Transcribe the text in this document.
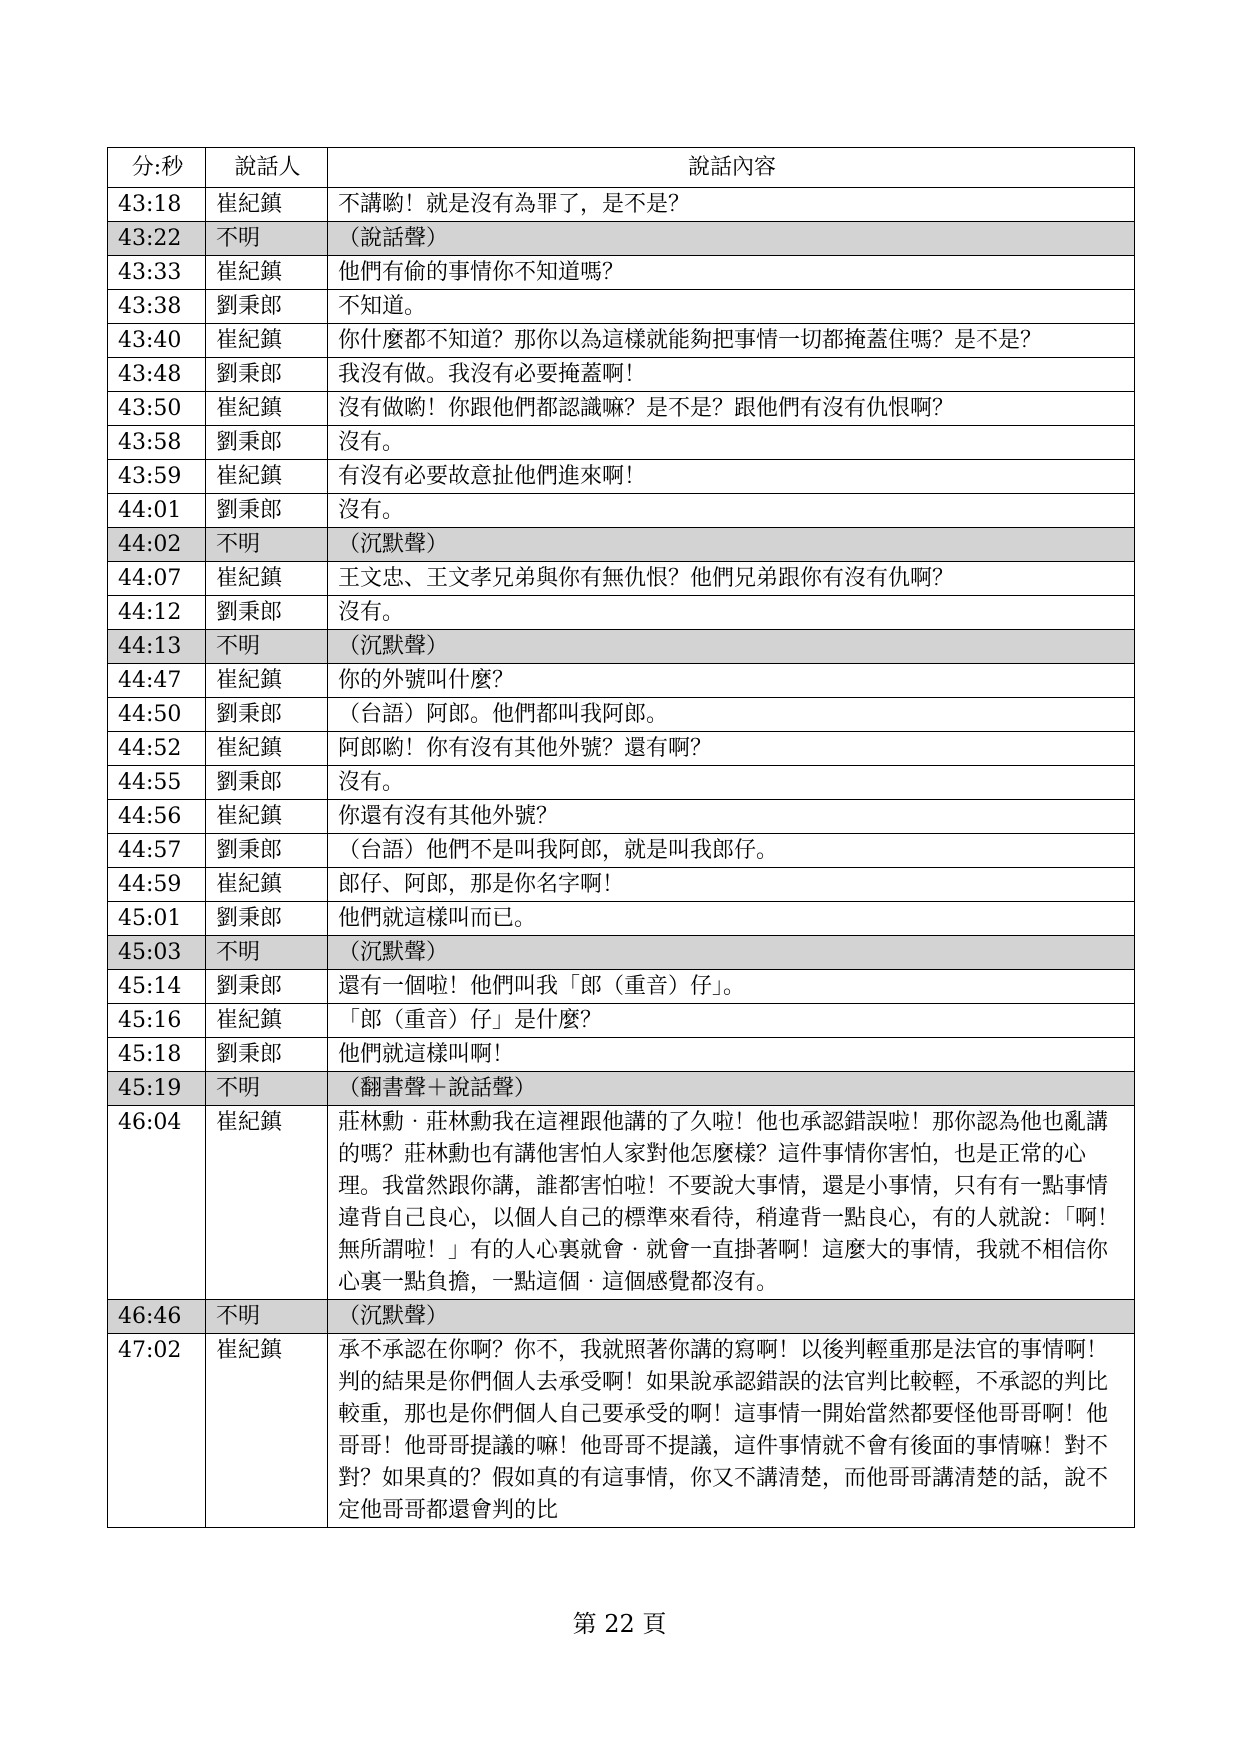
分:秒	說話人	說話內容
43:18	崔紀鎮	不講喲！就是沒有為罪了，是不是？
43:22	不明	（說話聲）
43:33	崔紀鎮	他們有偷的事情你不知道嗎？
43:38	劉秉郎	不知道。
43:40	崔紀鎮	你什麼都不知道？那你以為這樣就能夠把事情一切都掩蓋住嗎？是不是？
43:48	劉秉郎	我沒有做。我沒有必要掩蓋啊！
43:50	崔紀鎮	沒有做喲！你跟他們都認識嘛？是不是？跟他們有沒有仇恨啊？
43:58	劉秉郎	沒有。
43:59	崔紀鎮	有沒有必要故意扯他們進來啊！
44:01	劉秉郎	沒有。
44:02	不明	（沉默聲）
44:07	崔紀鎮	王文忠、王文孝兄弟與你有無仇恨？他們兄弟跟你有沒有仇啊？
44:12	劉秉郎	沒有。
44:13	不明	（沉默聲）
44:47	崔紀鎮	你的外號叫什麼？
44:50	劉秉郎	（台語）阿郎。他們都叫我阿郎。
44:52	崔紀鎮	阿郎喲！你有沒有其他外號？還有啊？
44:55	劉秉郎	沒有。
44:56	崔紀鎮	你還有沒有其他外號？
44:57	劉秉郎	（台語）他們不是叫我阿郎，就是叫我郎仔。
44:59	崔紀鎮	郎仔、阿郎，那是你名字啊！
45:01	劉秉郎	他們就這樣叫而已。
45:03	不明	（沉默聲）
45:14	劉秉郎	還有一個啦！他們叫我「郎（重音）仔」。
45:16	崔紀鎮	「郎（重音）仔」是什麼？
45:18	劉秉郎	他們就這樣叫啊！
45:19	不明	（翻書聲＋說話聲）
46:04	崔紀鎮	莊林勳‧莊林勳我在這裡跟他講的了久啦！他也承認錯誤啦！那你認為他也亂講的嗎？莊林勳也有講他害怕人家對他怎麼樣？這件事情你害怕，也是正常的心理。我當然跟你講，誰都害怕啦！不要說大事情，還是小事情，只有有一點事情違背自己良心，以個人自己的標準來看待，稍違背一點良心，有的人就說：「啊！無所謂啦！」有的人心裏就會‧就會一直掛著啊！這麼大的事情，我就不相信你心裏一點負擔，一點這個‧這個感覺都沒有。
46:46	不明	（沉默聲）
47:02	崔紀鎮	承不承認在你啊？你不，我就照著你講的寫啊！以後判輕重那是法官的事情啊！判的結果是你們個人去承受啊！如果說承認錯誤的法官判比較輕，不承認的判比較重，那也是你們個人自己要承受的啊！這事情一開始當然都要怪他哥哥啊！他哥哥！他哥哥提議的嘛！他哥哥不提議，這件事情就不會有後面的事情嘛！對不對？如果真的？假如真的有這事情，你又不講清楚，而他哥哥講清楚的話，說不定他哥哥都還會判的比
第 22 頁
